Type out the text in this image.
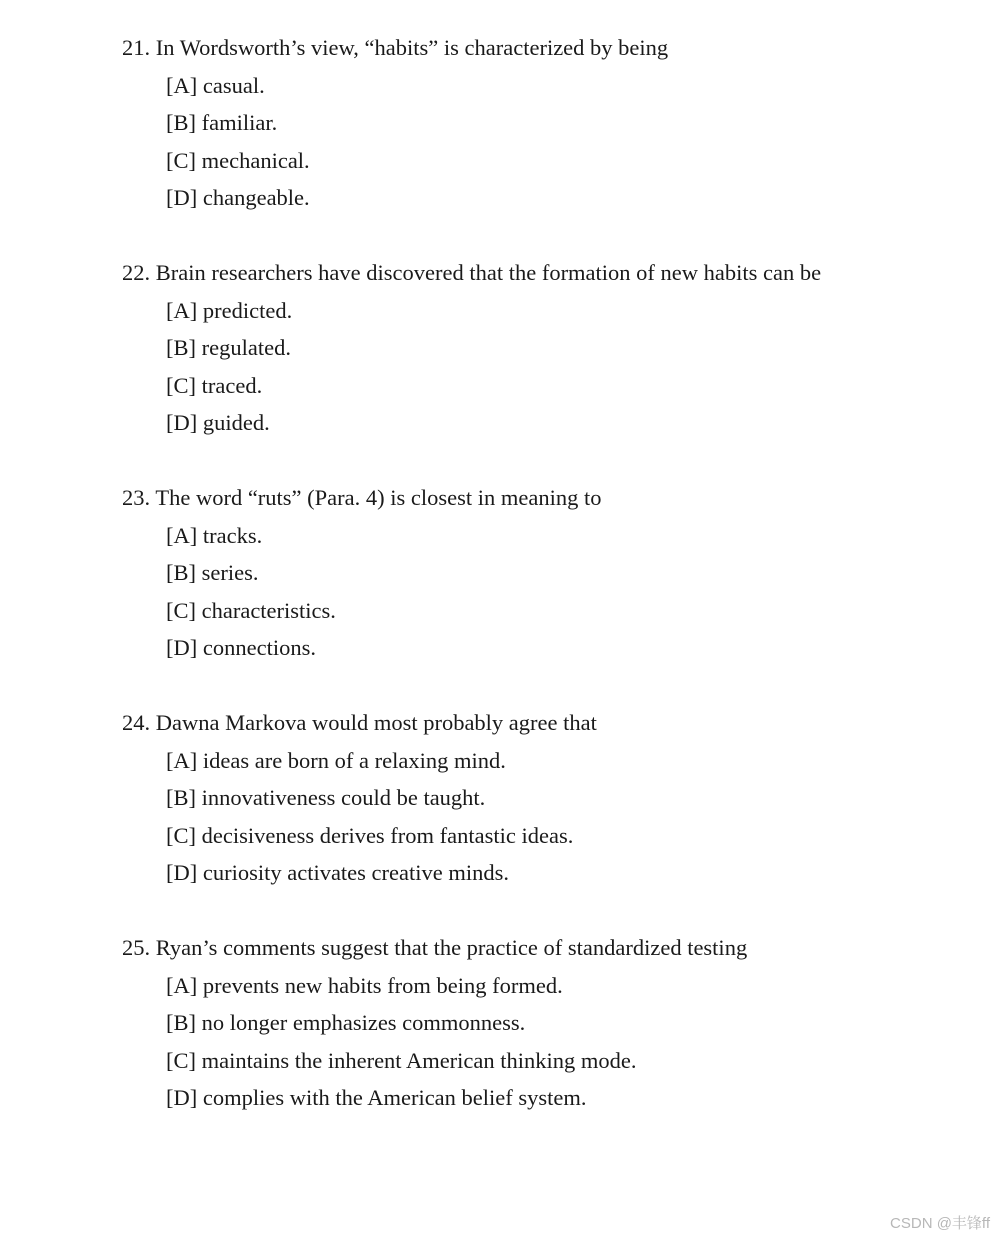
21. In Wordsworth’s view, “habits” is characterized by being
[A] casual.
[B] familiar.
[C] mechanical.
[D] changeable.
22. Brain researchers have discovered that the formation of new habits can be
[A] predicted.
[B] regulated.
[C] traced.
[D] guided.
23. The word “ruts” (Para. 4) is closest in meaning to
[A] tracks.
[B] series.
[C] characteristics.
[D] connections.
24. Dawna Markova would most probably agree that
[A] ideas are born of a relaxing mind.
[B] innovativeness could be taught.
[C] decisiveness derives from fantastic ideas.
[D] curiosity activates creative minds.
25. Ryan’s comments suggest that the practice of standardized testing
[A] prevents new habits from being formed.
[B] no longer emphasizes commonness.
[C] maintains the inherent American thinking mode.
[D] complies with the American belief system.
CSDN @丰锋ff
